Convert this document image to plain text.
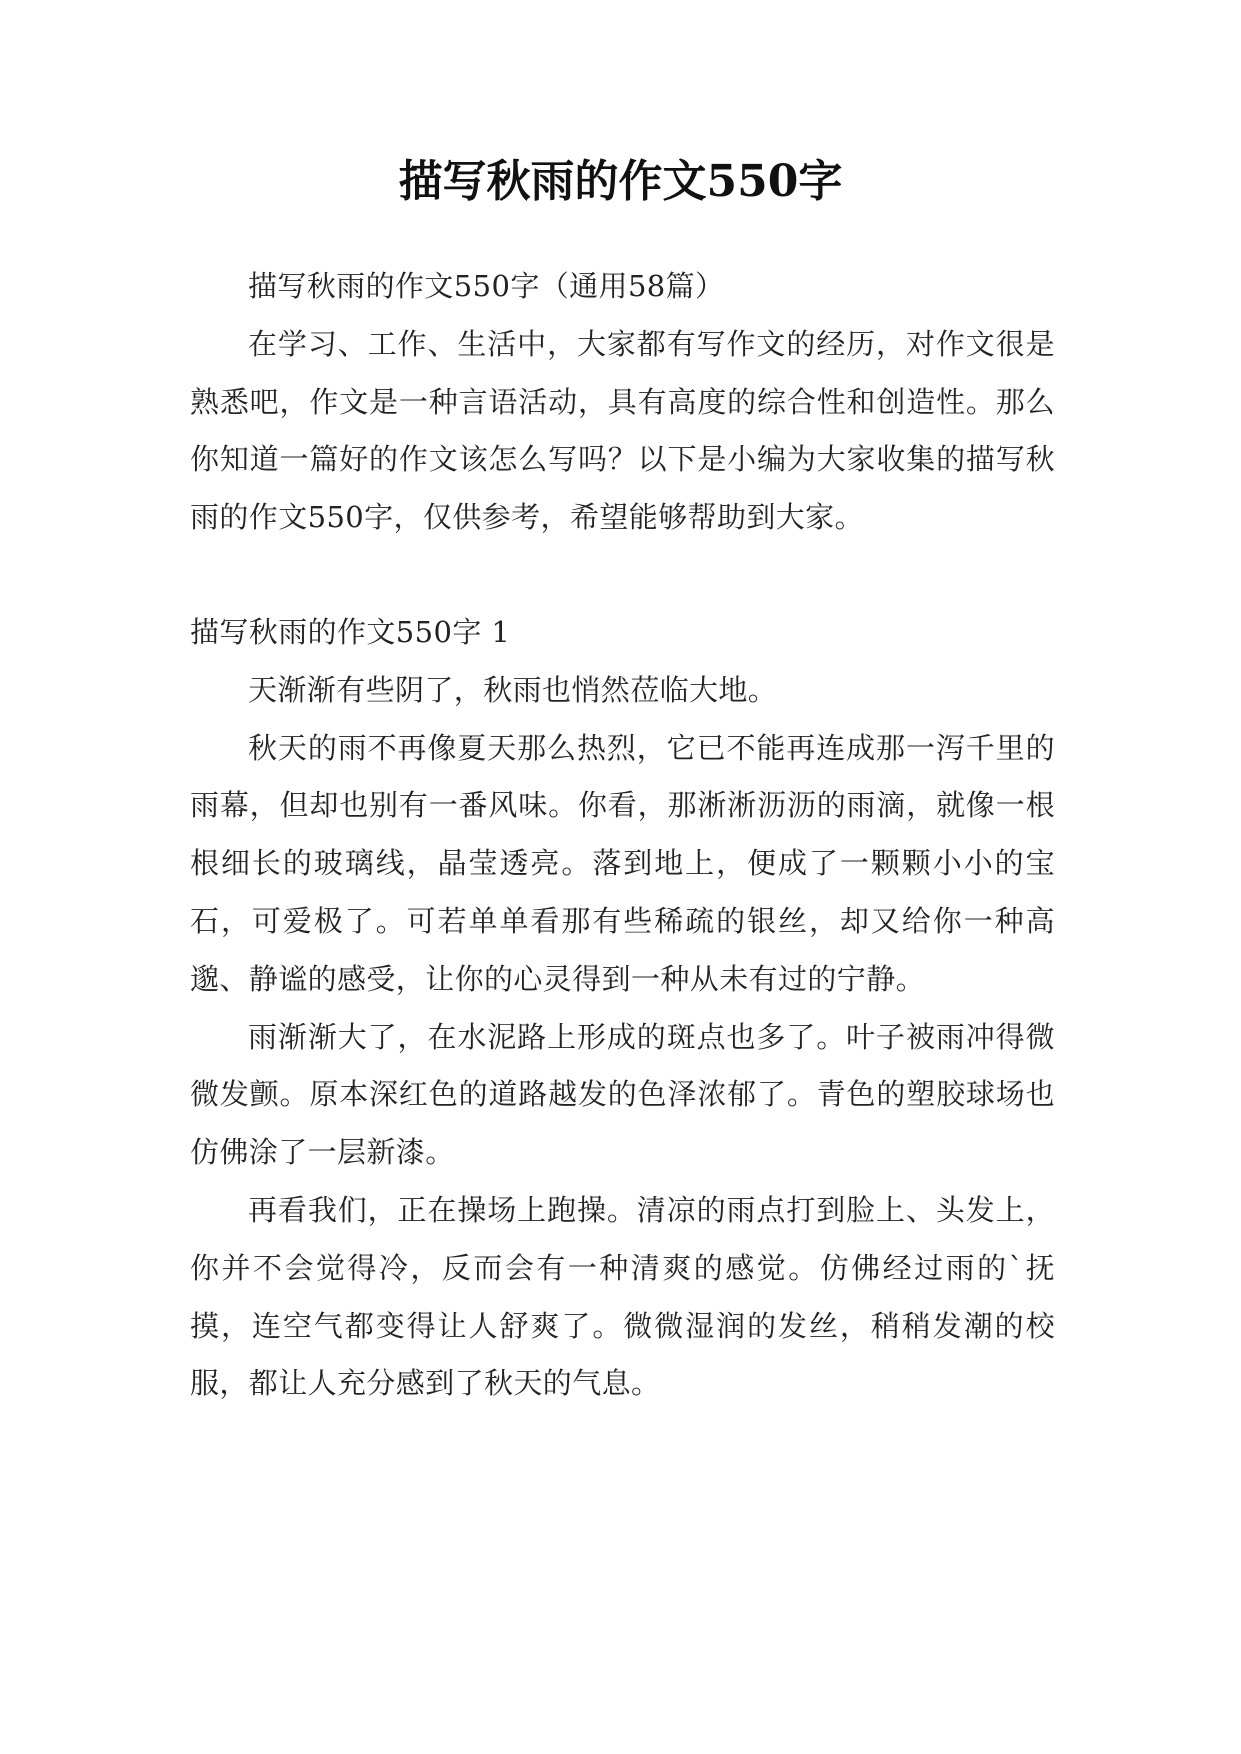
描写秋雨的作文550字

描写秋雨的作文550字（通用58篇）

在学习、工作、生活中，大家都有写作文的经历，对作文很是熟悉吧，作文是一种言语活动，具有高度的综合性和创造性。那么你知道一篇好的作文该怎么写吗？以下是小编为大家收集的描写秋雨的作文550字，仅供参考，希望能够帮助到大家。

描写秋雨的作文550字 1

天渐渐有些阴了，秋雨也悄然莅临大地。

秋天的雨不再像夏天那么热烈，它已不能再连成那一泻千里的雨幕，但却也别有一番风味。你看，那淅淅沥沥的雨滴，就像一根根细长的玻璃线，晶莹透亮。落到地上，便成了一颗颗小小的宝石，可爱极了。可若单单看那有些稀疏的银丝，却又给你一种高邈、静谧的感受，让你的心灵得到一种从未有过的宁静。

雨渐渐大了，在水泥路上形成的斑点也多了。叶子被雨冲得微微发颤。原本深红色的道路越发的色泽浓郁了。青色的塑胶球场也仿佛涂了一层新漆。

再看我们，正在操场上跑操。清凉的雨点打到脸上、头发上，你并不会觉得冷，反而会有一种清爽的感觉。仿佛经过雨的`抚摸，连空气都变得让人舒爽了。微微湿润的发丝，稍稍发潮的校服，都让人充分感到了秋天的气息。
